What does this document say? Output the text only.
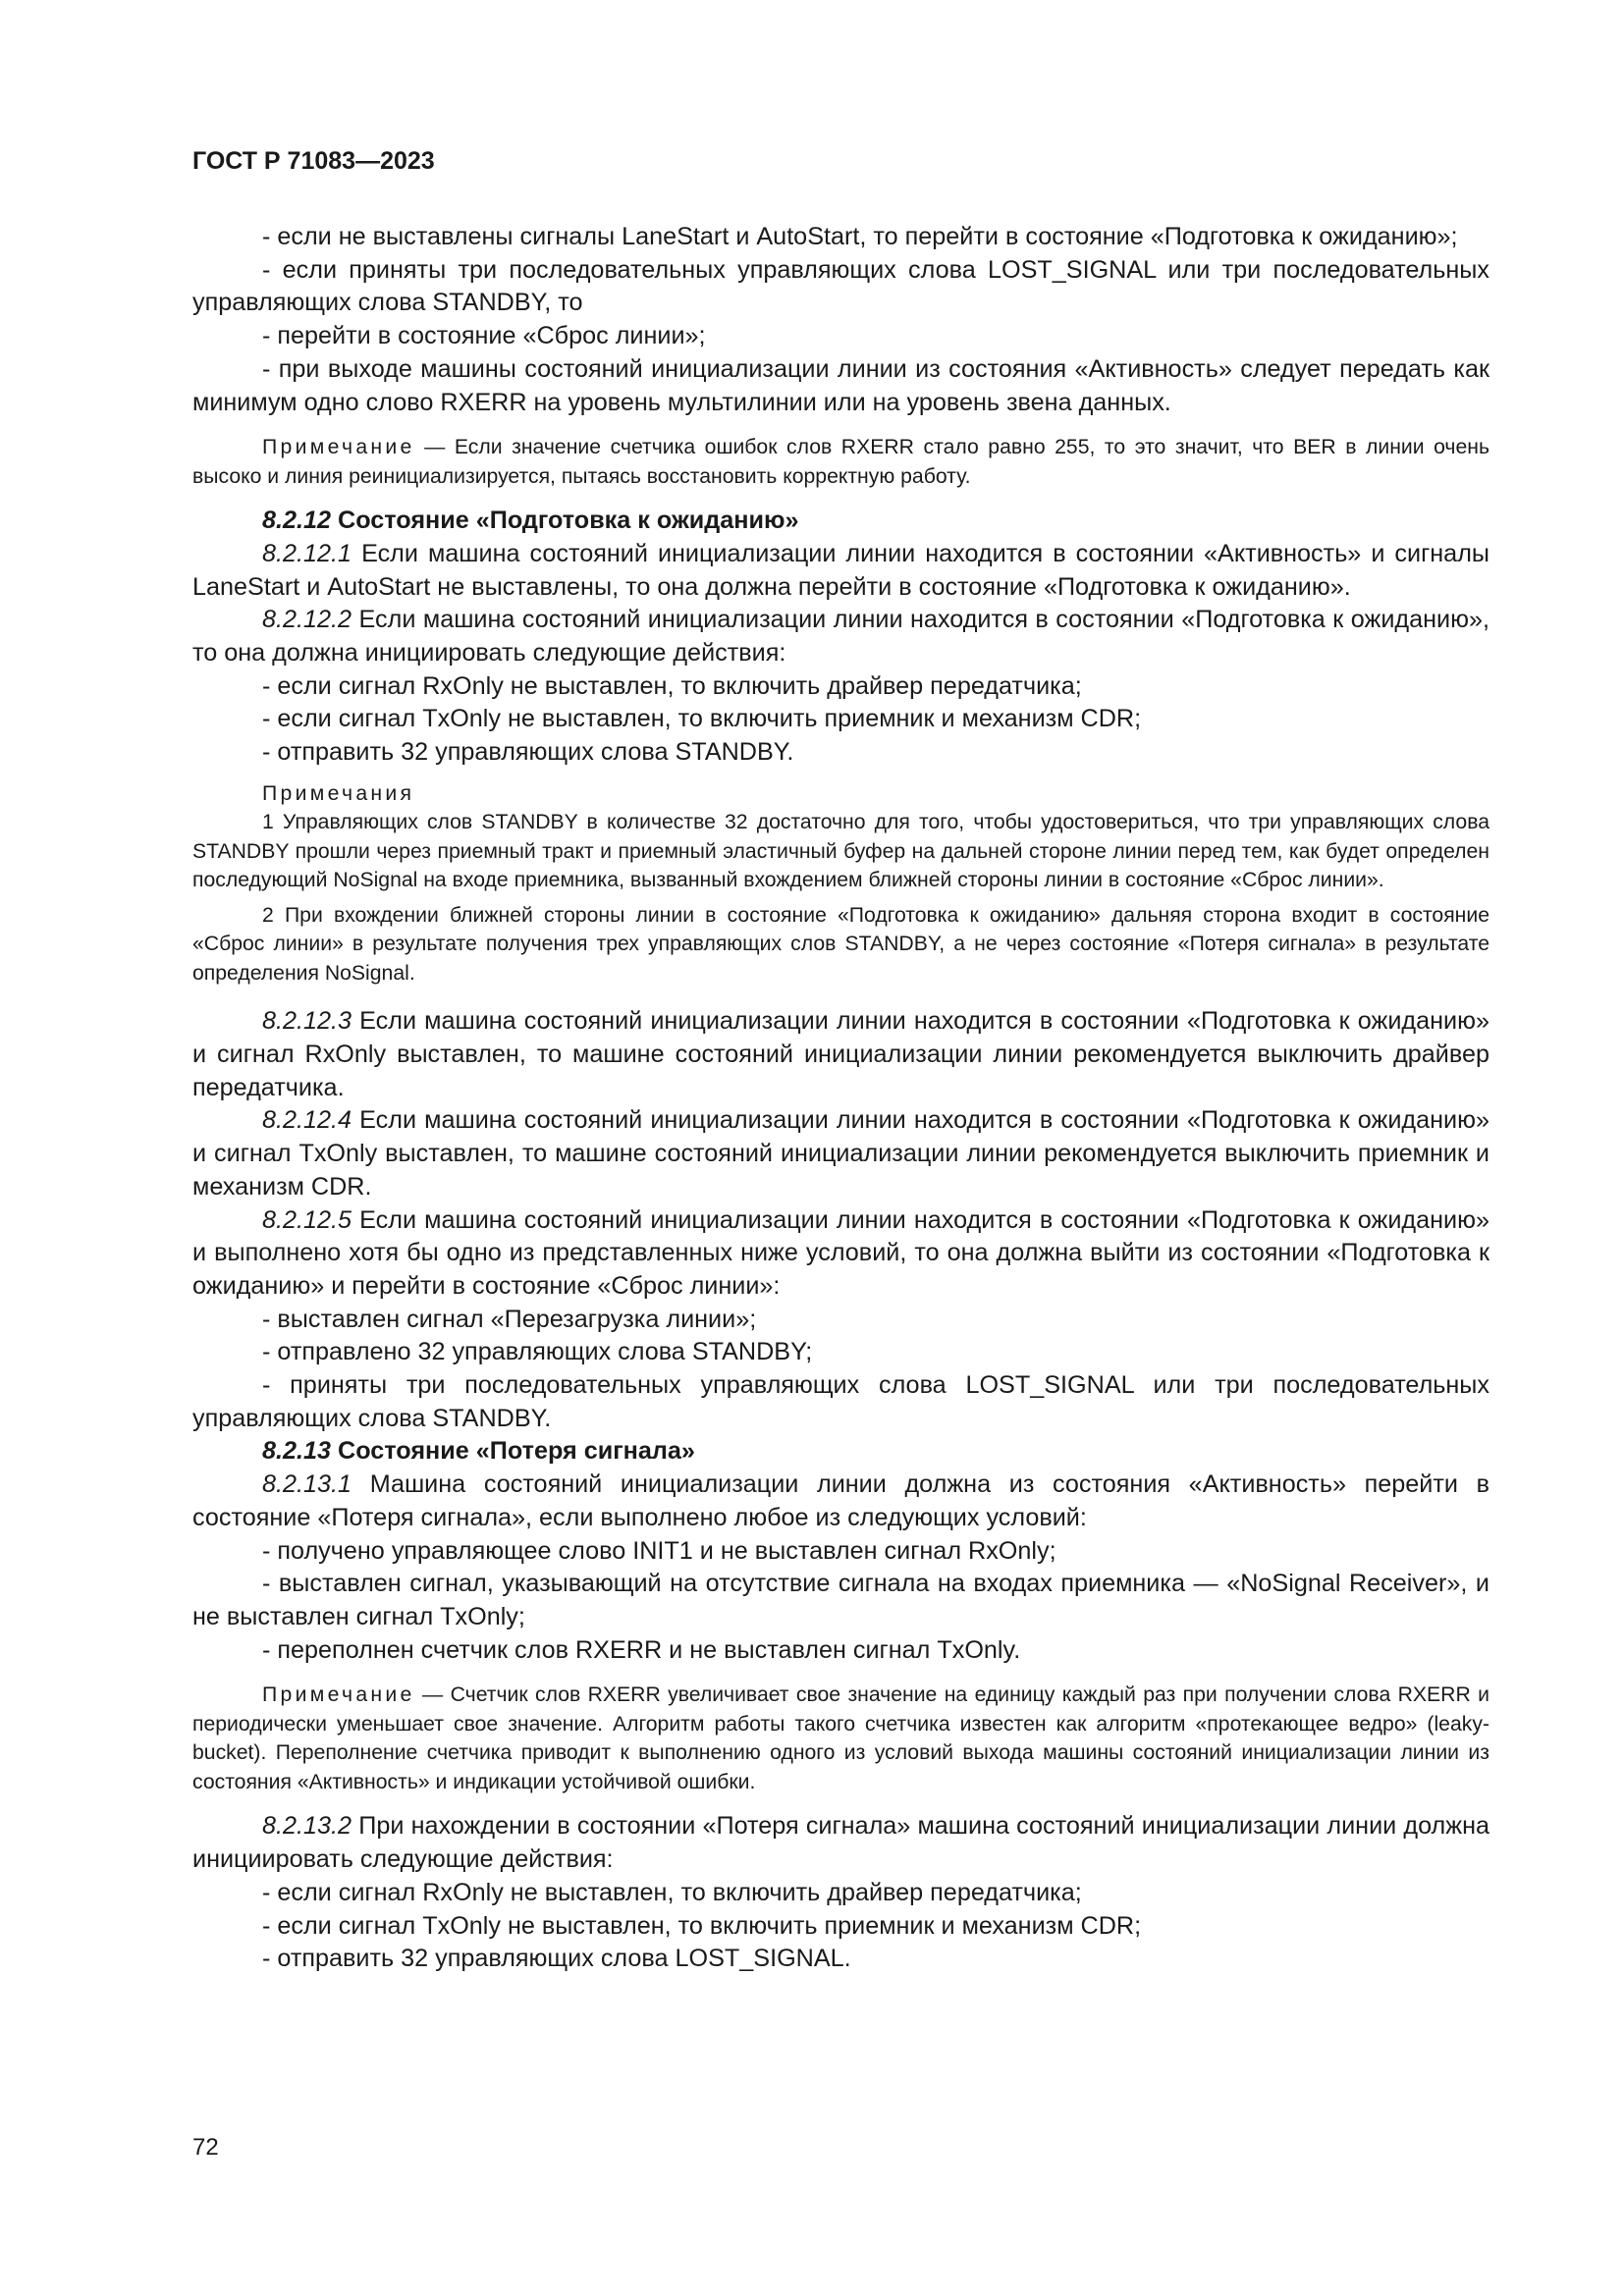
ГОСТ Р 71083—2023

- если не выставлены сигналы LaneStart и AutoStart, то перейти в состояние «Подготовка к ожиданию»;

- если приняты три последовательных управляющих слова LOST_SIGNAL или три последовательных управляющих слова STANDBY, то

- перейти в состояние «Сброс линии»;

- при выходе машины состояний инициализации линии из состояния «Активность» следует передать как минимум одно слово RXERR на уровень мультилинии или на уровень звена данных.

Примечание — Если значение счетчика ошибок слов RXERR стало равно 255, то это значит, что BER в линии очень высоко и линия реинициализируется, пытаясь восстановить корректную работу.

8.2.12 Состояние «Подготовка к ожиданию»

8.2.12.1 Если машина состояний инициализации линии находится в состоянии «Активность» и сигналы LaneStart и AutoStart не выставлены, то она должна перейти в состояние «Подготовка к ожиданию».

8.2.12.2 Если машина состояний инициализации линии находится в состоянии «Подготовка к ожиданию», то она должна инициировать следующие действия:

- если сигнал RxOnly не выставлен, то включить драйвер передатчика;

- если сигнал TxOnly не выставлен, то включить приемник и механизм CDR;

- отправить 32 управляющих слова STANDBY.

Примечания

1 Управляющих слов STANDBY в количестве 32 достаточно для того, чтобы удостовериться, что три управляющих слова STANDBY прошли через приемный тракт и приемный эластичный буфер на дальней стороне линии перед тем, как будет определен последующий NoSignal на входе приемника, вызванный вхождением ближней стороны линии в состояние «Сброс линии».

2 При вхождении ближней стороны линии в состояние «Подготовка к ожиданию» дальняя сторона входит в состояние «Сброс линии» в результате получения трех управляющих слов STANDBY, а не через состояние «Потеря сигнала» в результате определения NoSignal.

8.2.12.3 Если машина состояний инициализации линии находится в состоянии «Подготовка к ожиданию» и сигнал RxOnly выставлен, то машине состояний инициализации линии рекомендуется выключить драйвер передатчика.

8.2.12.4 Если машина состояний инициализации линии находится в состоянии «Подготовка к ожиданию» и сигнал TxOnly выставлен, то машине состояний инициализации линии рекомендуется выключить приемник и механизм CDR.

8.2.12.5 Если машина состояний инициализации линии находится в состоянии «Подготовка к ожиданию» и выполнено хотя бы одно из представленных ниже условий, то она должна выйти из состоянии «Подготовка к ожиданию» и перейти в состояние «Сброс линии»:

- выставлен сигнал «Перезагрузка линии»;

- отправлено 32 управляющих слова STANDBY;

- приняты три последовательных управляющих слова LOST_SIGNAL или три последовательных управляющих слова STANDBY.

8.2.13 Состояние «Потеря сигнала»

8.2.13.1 Машина состояний инициализации линии должна из состояния «Активность» перейти в состояние «Потеря сигнала», если выполнено любое из следующих условий:

- получено управляющее слово INIT1 и не выставлен сигнал RxOnly;

- выставлен сигнал, указывающий на отсутствие сигнала на входах приемника — «NoSignal Receiver», и не выставлен сигнал TxOnly;

- переполнен счетчик слов RXERR и не выставлен сигнал TxOnly.

Примечание — Счетчик слов RXERR увеличивает свое значение на единицу каждый раз при получении слова RXERR и периодически уменьшает свое значение. Алгоритм работы такого счетчика известен как алгоритм «протекающее ведро» (leaky-bucket). Переполнение счетчика приводит к выполнению одного из условий выхода машины состояний инициализации линии из состояния «Активность» и индикации устойчивой ошибки.

8.2.13.2 При нахождении в состоянии «Потеря сигнала» машина состояний инициализации линии должна инициировать следующие действия:

- если сигнал RxOnly не выставлен, то включить драйвер передатчика;

- если сигнал TxOnly не выставлен, то включить приемник и механизм CDR;

- отправить 32 управляющих слова LOST_SIGNAL.

72
